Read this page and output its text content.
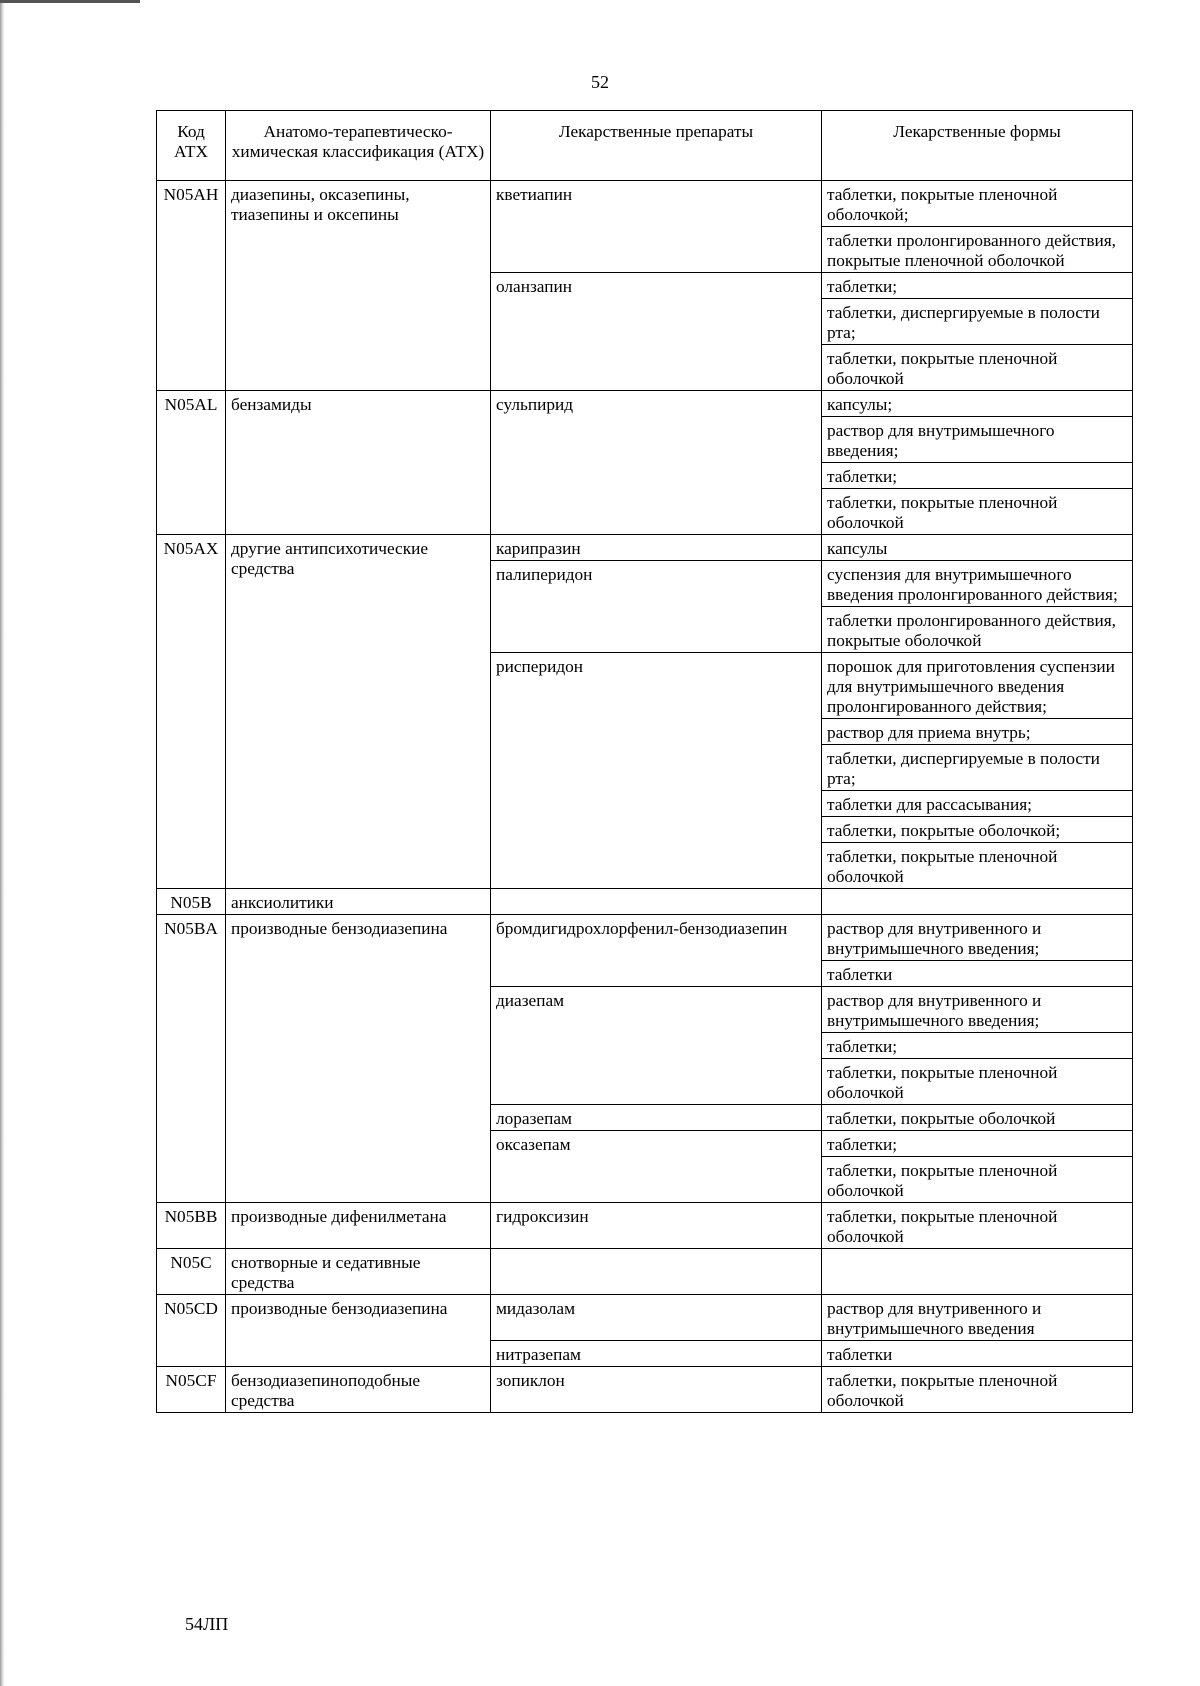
52
Код АТХ	Анатомо-терапевтическо-химическая классификация (АТХ)	Лекарственные препараты	Лекарственные формы
N05AH	диазепины, оксазепины, тиазепины и оксепины	кветиапин	таблетки, покрытые пленочной оболочкой;
			таблетки пролонгированного действия, покрытые пленочной оболочкой
		оланзапин	таблетки;
			таблетки, диспергируемые в полости рта;
			таблетки, покрытые пленочной оболочкой
N05AL	бензамиды	сульпирид	капсулы;
			раствор для внутримышечного введения;
			таблетки;
			таблетки, покрытые пленочной оболочкой
N05AX	другие антипсихотические средства	карипразин	капсулы
		палиперидон	суспензия для внутримышечного введения пролонгированного действия;
			таблетки пролонгированного действия, покрытые оболочкой
		рисперидон	порошок для приготовления суспензии для внутримышечного введения пролонгированного действия;
			раствор для приема внутрь;
			таблетки, диспергируемые в полости рта;
			таблетки для рассасывания;
			таблетки, покрытые оболочкой;
			таблетки, покрытые пленочной оболочкой
N05B	анксиолитики		
N05BA	производные бензодиазепина	бромдигидрохлорфенил-бензодиазепин	раствор для внутривенного и внутримышечного введения;
			таблетки
		диазепам	раствор для внутривенного и внутримышечного введения;
			таблетки;
			таблетки, покрытые пленочной оболочкой
		лоразепам	таблетки, покрытые оболочкой
		оксазепам	таблетки;
			таблетки, покрытые пленочной оболочкой
N05BB	производные дифенилметана	гидроксизин	таблетки, покрытые пленочной оболочкой
N05C	снотворные и седативные средства		
N05CD	производные бензодиазепина	мидазолам	раствор для внутривенного и внутримышечного введения
		нитразепам	таблетки
N05CF	бензодиазепиноподобные средства	зопиклон	таблетки, покрытые пленочной оболочкой
54ЛП
